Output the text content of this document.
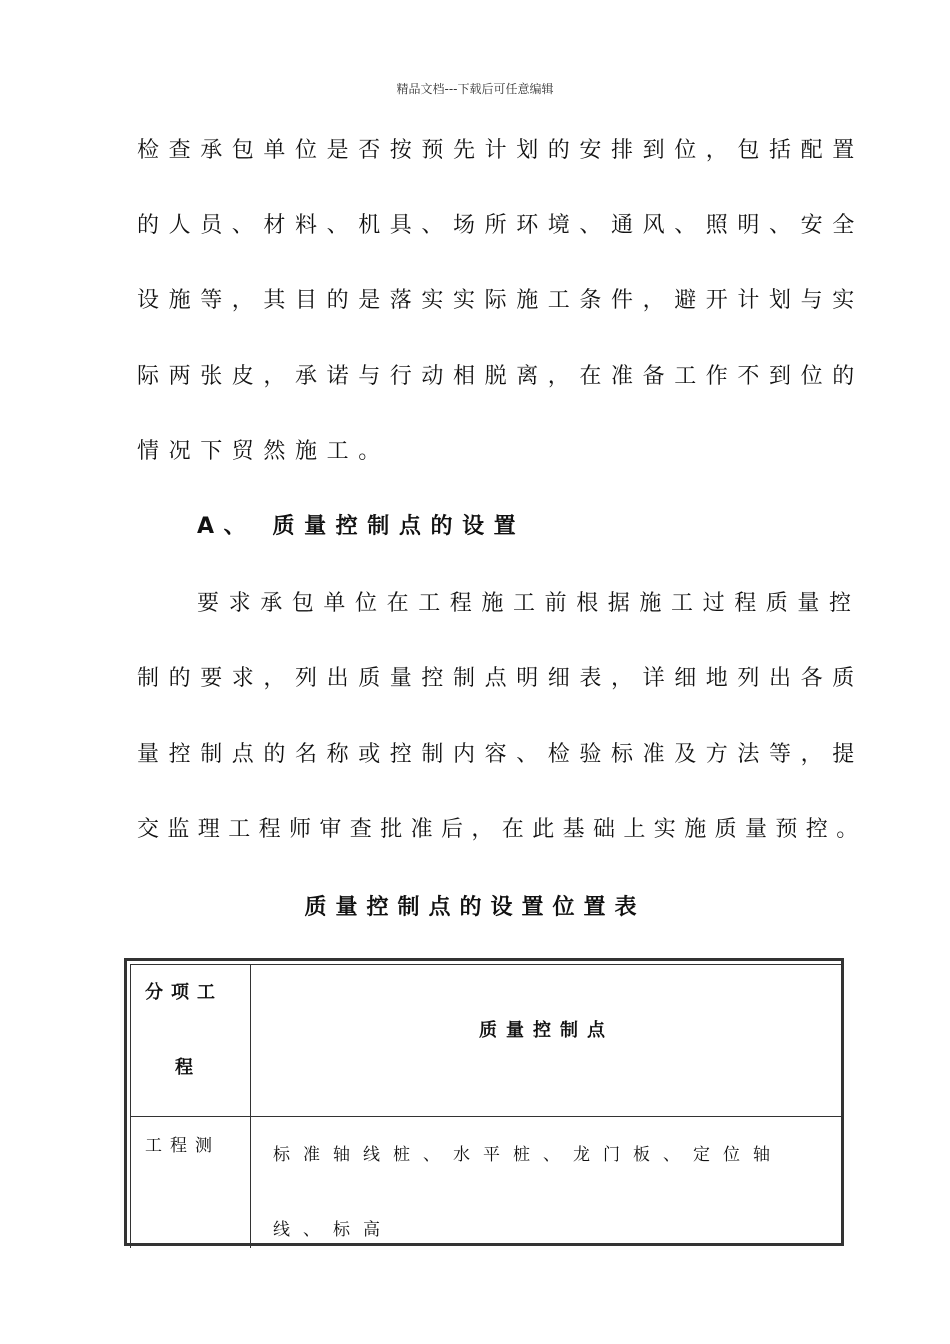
精品文档---下载后可任意编辑
检查承包单位是否按预先计划的安排到位，包括配置
的人员、材料、机具、场所环境、通风、照明、安全
设施等，其目的是落实实际施工条件，避开计划与实
际两张皮，承诺与行动相脱离，在准备工作不到位的
情况下贸然施工。
A、 质量控制点的设置
要求承包单位在工程施工前根据施工过程质量控
制的要求，列出质量控制点明细表，详细地列出各质
量控制点的名称或控制内容、检验标准及方法等，提
交监理工程师审查批准后，在此基础上实施质量预控。
质量控制点的设置位置表
分项工
程
质量控制点
工程测	标准轴线桩、水平桩、龙门板、定位轴
线、标高
